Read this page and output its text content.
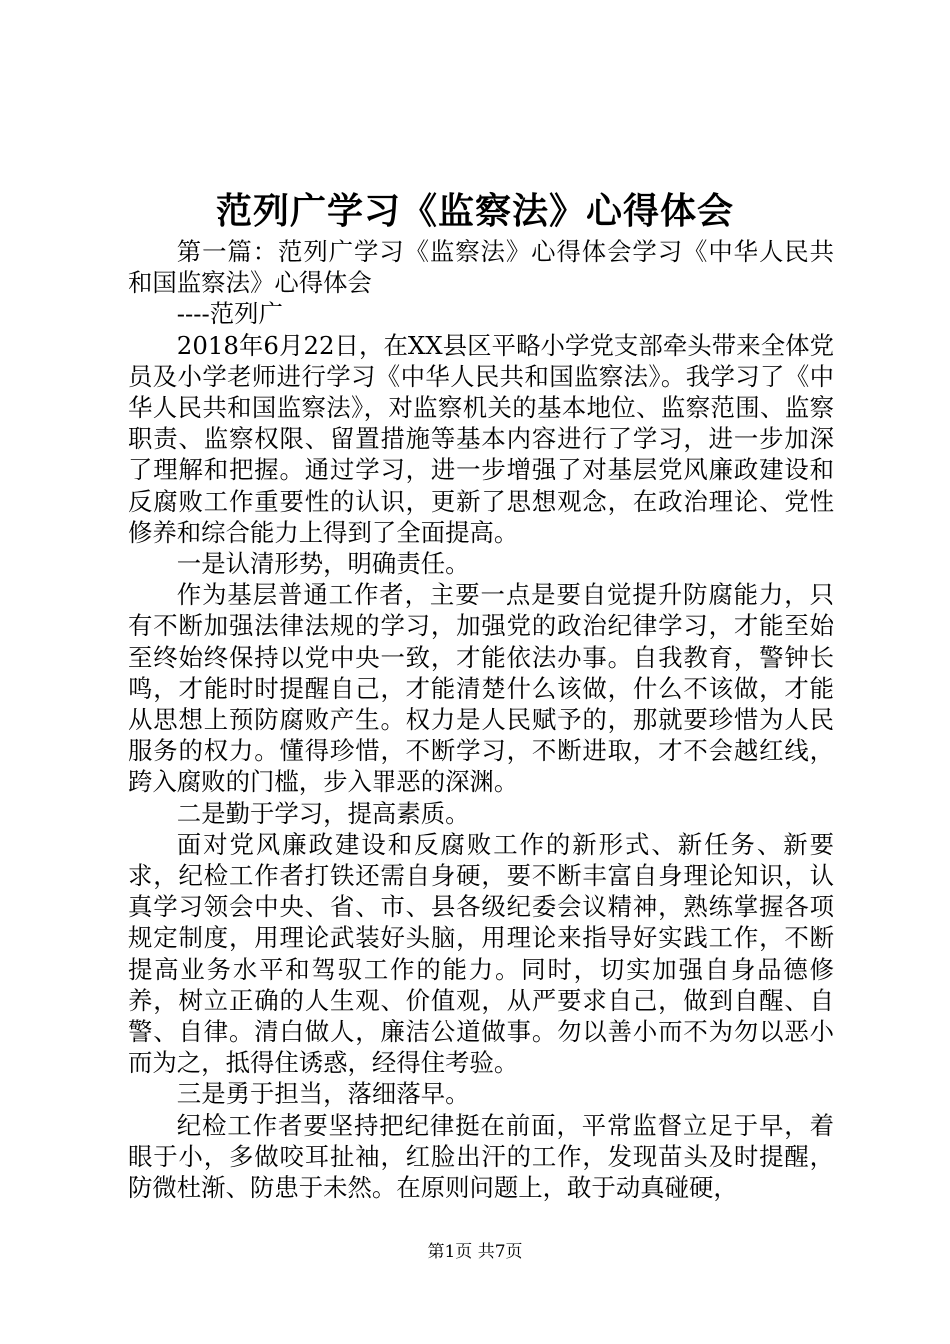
范列广学习《监察法》心得体会

第一篇：范列广学习《监察法》心得体会学习《中华人民共和国监察法》心得体会

----范列广

2018年6月22日，在XX县区平略小学党支部牵头带来全体党员及小学老师进行学习《中华人民共和国监察法》。我学习了《中华人民共和国监察法》，对监察机关的基本地位、监察范围、监察职责、监察权限、留置措施等基本内容进行了学习，进一步加深了理解和把握。通过学习，进一步增强了对基层党风廉政建设和反腐败工作重要性的认识，更新了思想观念，在政治理论、党性修养和综合能力上得到了全面提高。

一是认清形势，明确责任。

作为基层普通工作者，主要一点是要自觉提升防腐能力，只有不断加强法律法规的学习，加强党的政治纪律学习，才能至始至终始终保持以党中央一致，才能依法办事。自我教育，警钟长鸣，才能时时提醒自己，才能清楚什么该做，什么不该做，才能从思想上预防腐败产生。权力是人民赋予的，那就要珍惜为人民服务的权力。懂得珍惜，不断学习，不断进取，才不会越红线，跨入腐败的门槛，步入罪恶的深渊。

二是勤于学习，提高素质。

面对党风廉政建设和反腐败工作的新形式、新任务、新要求，纪检工作者打铁还需自身硬，要不断丰富自身理论知识，认真学习领会中央、省、市、县各级纪委会议精神，熟练掌握各项规定制度，用理论武装好头脑，用理论来指导好实践工作，不断提高业务水平和驾驭工作的能力。同时，切实加强自身品德修养，树立正确的人生观、价值观，从严要求自己，做到自醒、自警、自律。清白做人，廉洁公道做事。勿以善小而不为勿以恶小而为之，抵得住诱惑，经得住考验。

三是勇于担当，落细落早。

纪检工作者要坚持把纪律挺在前面，平常监督立足于早，着眼于小，多做咬耳扯袖，红脸出汗的工作，发现苗头及时提醒，防微杜渐、防患于未然。在原则问题上，敢于动真碰硬，

第1页 共7页
